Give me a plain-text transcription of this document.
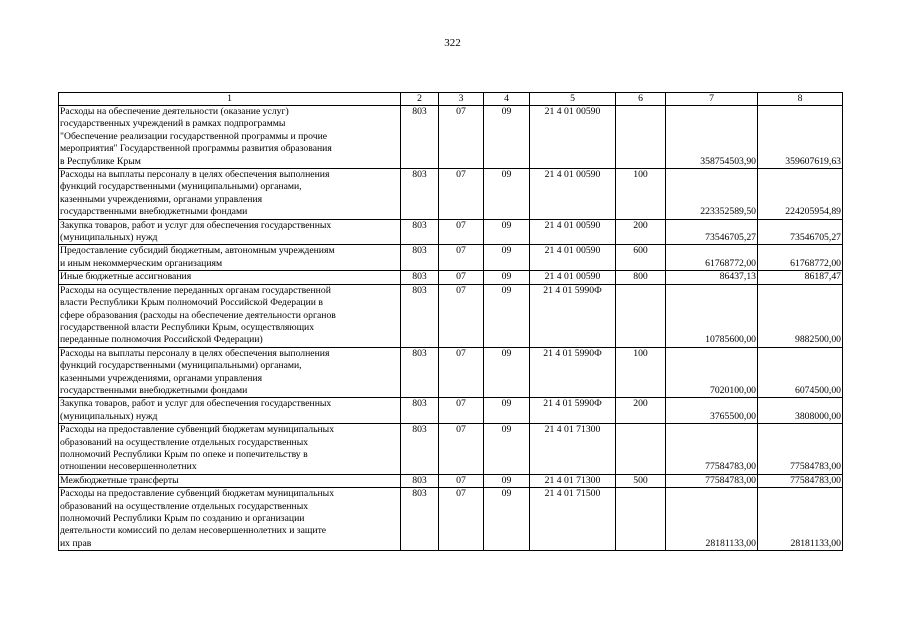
322
1	2	3	4	5	6	7	8

Расходы на обеспечение деятельности (оказание услуг)
государственных учреждений в рамках подпрограммы
"Обеспечение реализации государственной программы и прочие
мероприятия" Государственной программы развития образования
в Республике Крым	803	07	09	21 4 01 00590		358754503,90	359607619,63

Расходы на выплаты персоналу в целях обеспечения выполнения
функций государственными (муниципальными) органами,
казенными учреждениями, органами управления
государственными внебюджетными фондами	803	07	09	21 4 01 00590	100	223352589,50	224205954,89

Закупка товаров, работ и услуг для обеспечения государственных
(муниципальных) нужд	803	07	09	21 4 01 00590	200	73546705,27	73546705,27

Предоставление субсидий бюджетным, автономным учреждениям
и иным некоммерческим организациям	803	07	09	21 4 01 00590	600	61768772,00	61768772,00

Иные бюджетные ассигнования	803	07	09	21 4 01 00590	800	86437,13	86187,47

Расходы на осуществление переданных органам государственной
власти Республики Крым полномочий Российской Федерации в
сфере образования (расходы на обеспечение деятельности органов
государственной власти Республики Крым, осуществляющих
переданные полномочия Российской Федерации)	803	07	09	21 4 01 5990Ф		10785600,00	9882500,00

Расходы на выплаты персоналу в целях обеспечения выполнения
функций государственными (муниципальными) органами,
казенными учреждениями, органами управления
государственными внебюджетными фондами	803	07	09	21 4 01 5990Ф	100	7020100,00	6074500,00

Закупка товаров, работ и услуг для обеспечения государственных
(муниципальных) нужд	803	07	09	21 4 01 5990Ф	200	3765500,00	3808000,00

Расходы на предоставление субвенций бюджетам муниципальных
образований на осуществление отдельных государственных
полномочий Республики Крым по опеке и попечительству в
отношении несовершеннолетних	803	07	09	21 4 01 71300		77584783,00	77584783,00

Межбюджетные трансферты	803	07	09	21 4 01 71300	500	77584783,00	77584783,00

Расходы на предоставление субвенций бюджетам муниципальных
образований на осуществление отдельных государственных
полномочий Республики Крым по созданию и организации
деятельности комиссий по делам несовершеннолетних и защите
их прав	803	07	09	21 4 01 71500		28181133,00	28181133,00
